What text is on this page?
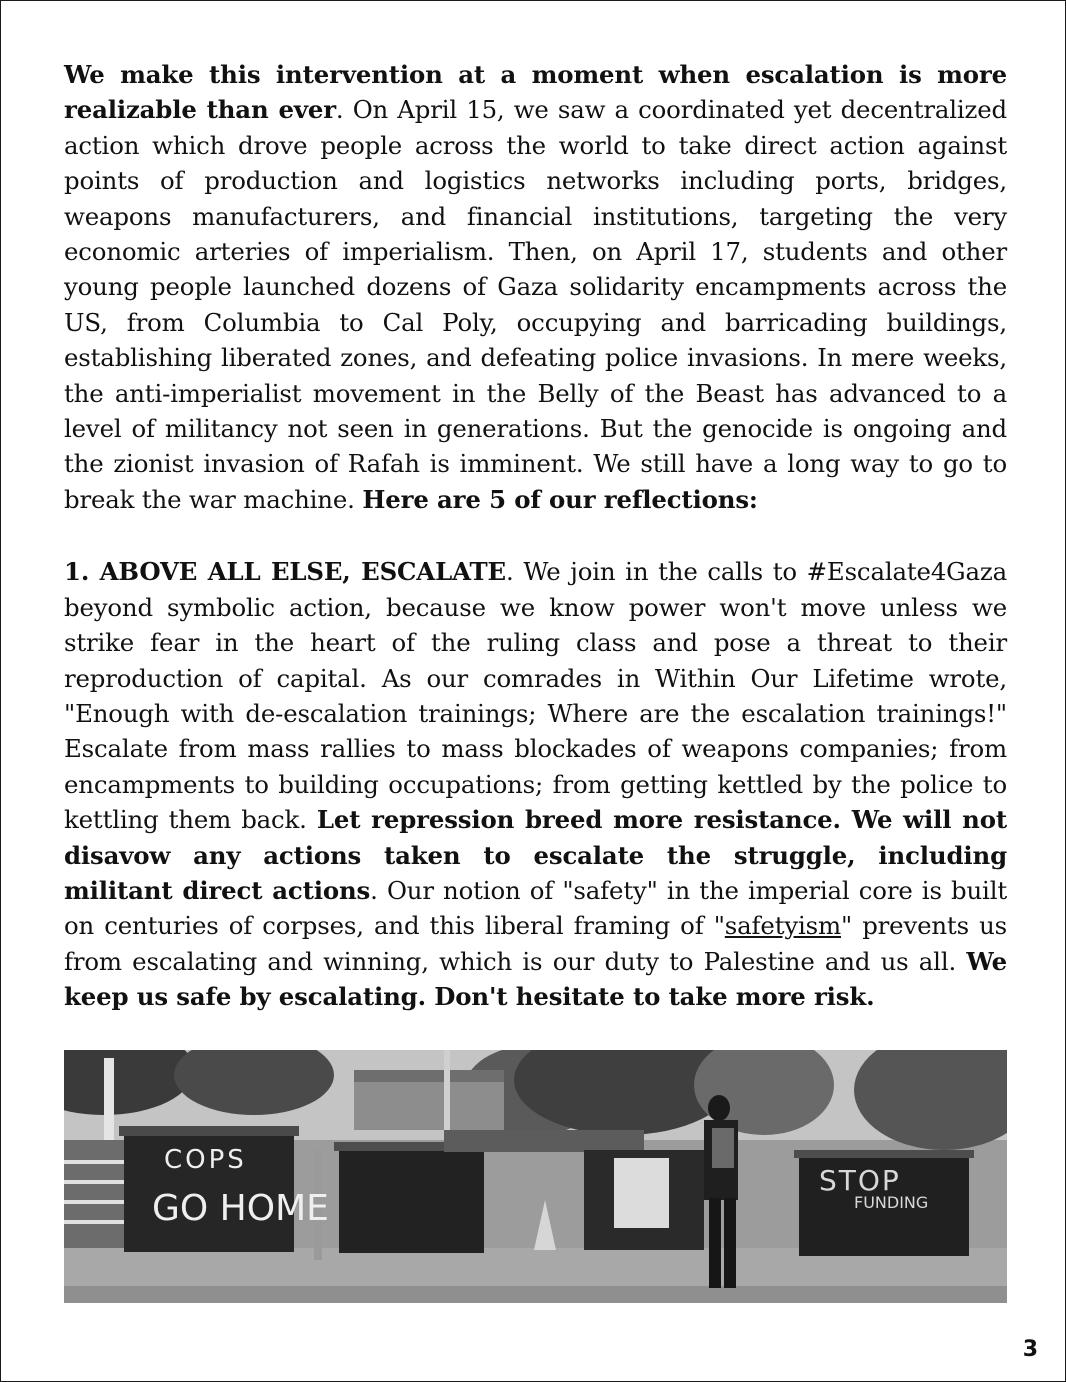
We make this intervention at a moment when escalation is more realizable than ever. On April 15, we saw a coordinated yet decentralized action which drove people across the world to take direct action against points of production and logistics networks including ports, bridges, weapons manufacturers, and financial institutions, targeting the very economic arteries of imperialism. Then, on April 17, students and other young people launched dozens of Gaza solidarity encampments across the US, from Columbia to Cal Poly, occupying and barricading buildings, establishing liberated zones, and defeating police invasions. In mere weeks, the anti-imperialist movement in the Belly of the Beast has advanced to a level of militancy not seen in generations. But the genocide is ongoing and the zionist invasion of Rafah is imminent. We still have a long way to go to break the war machine. Here are 5 of our reflections:

1. ABOVE ALL ELSE, ESCALATE. We join in the calls to #Escalate4Gaza beyond symbolic action, because we know power won't move unless we strike fear in the heart of the ruling class and pose a threat to their reproduction of capital. As our comrades in Within Our Lifetime wrote, "Enough with de-escalation trainings; Where are the escalation trainings!" Escalate from mass rallies to mass blockades of weapons companies; from encampments to building occupations; from getting kettled by the police to kettling them back. Let repression breed more resistance. We will not disavow any actions taken to escalate the struggle, including militant direct actions. Our notion of "safety" in the imperial core is built on centuries of corpses, and this liberal framing of "safetyism" prevents us from escalating and winning, which is our duty to Palestine and us all. We keep us safe by escalating. Don't hesitate to take more risk.

COPS
GO HOME
STOP
FUNDING
3
